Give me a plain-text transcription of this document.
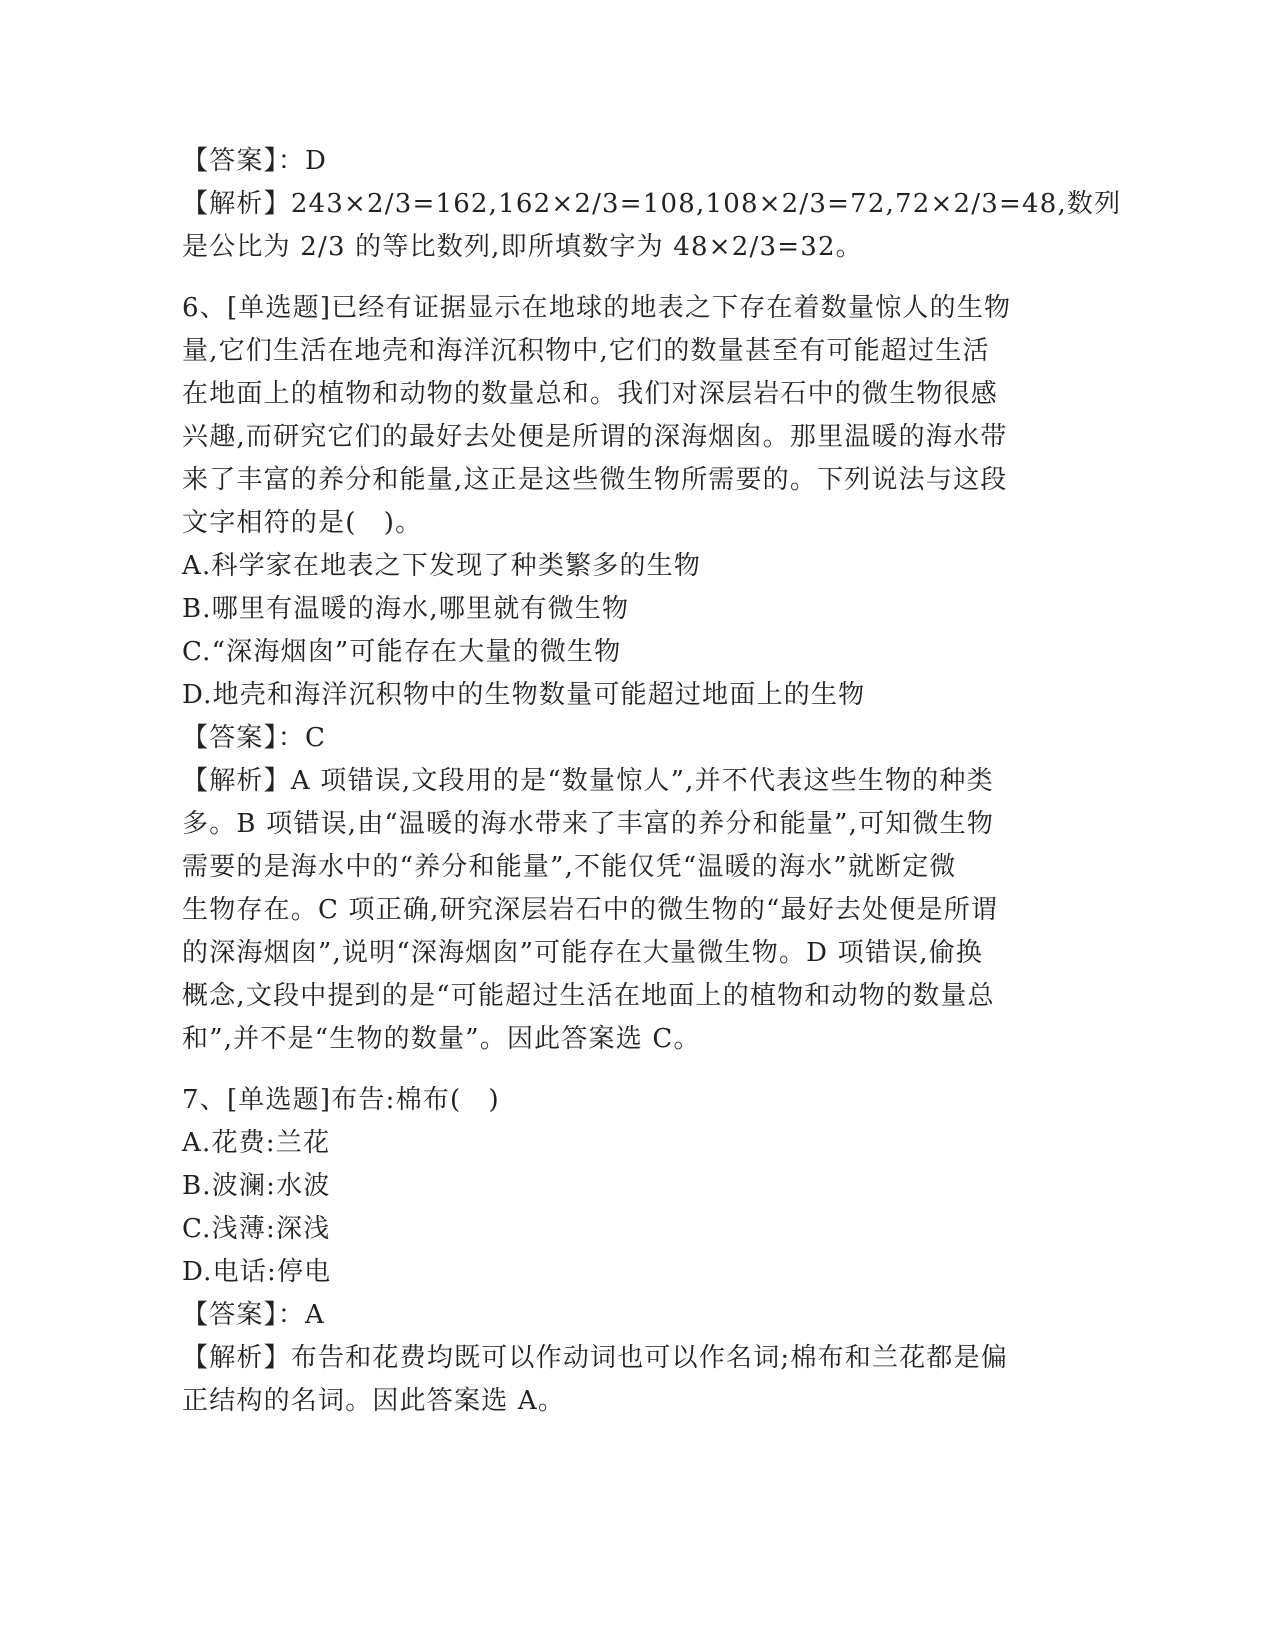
【答案】：D
【解析】243×2/3=162,162×2/3=108,108×2/3=72,72×2/3=48,数列
是公比为 2/3 的等比数列,即所填数字为 48×2/3=32。
6、[单选题]已经有证据显示在地球的地表之下存在着数量惊人的生物
量,它们生活在地壳和海洋沉积物中,它们的数量甚至有可能超过生活
在地面上的植物和动物的数量总和。我们对深层岩石中的微生物很感
兴趣,而研究它们的最好去处便是所谓的深海烟囱。那里温暖的海水带
来了丰富的养分和能量,这正是这些微生物所需要的。下列说法与这段
文字相符的是(　)。
A.科学家在地表之下发现了种类繁多的生物
B.哪里有温暖的海水,哪里就有微生物
C.“深海烟囱”可能存在大量的微生物
D.地壳和海洋沉积物中的生物数量可能超过地面上的生物
【答案】：C
【解析】A 项错误,文段用的是“数量惊人”,并不代表这些生物的种类
多。B 项错误,由“温暖的海水带来了丰富的养分和能量”,可知微生物
需要的是海水中的“养分和能量”,不能仅凭“温暖的海水”就断定微
生物存在。C 项正确,研究深层岩石中的微生物的“最好去处便是所谓
的深海烟囱”,说明“深海烟囱”可能存在大量微生物。D 项错误,偷换
概念,文段中提到的是“可能超过生活在地面上的植物和动物的数量总
和”,并不是“生物的数量”。因此答案选 C。
7、[单选题]布告:棉布(　)
A.花费:兰花
B.波澜:水波
C.浅薄:深浅
D.电话:停电
【答案】：A
【解析】布告和花费均既可以作动词也可以作名词;棉布和兰花都是偏
正结构的名词。因此答案选 A。
